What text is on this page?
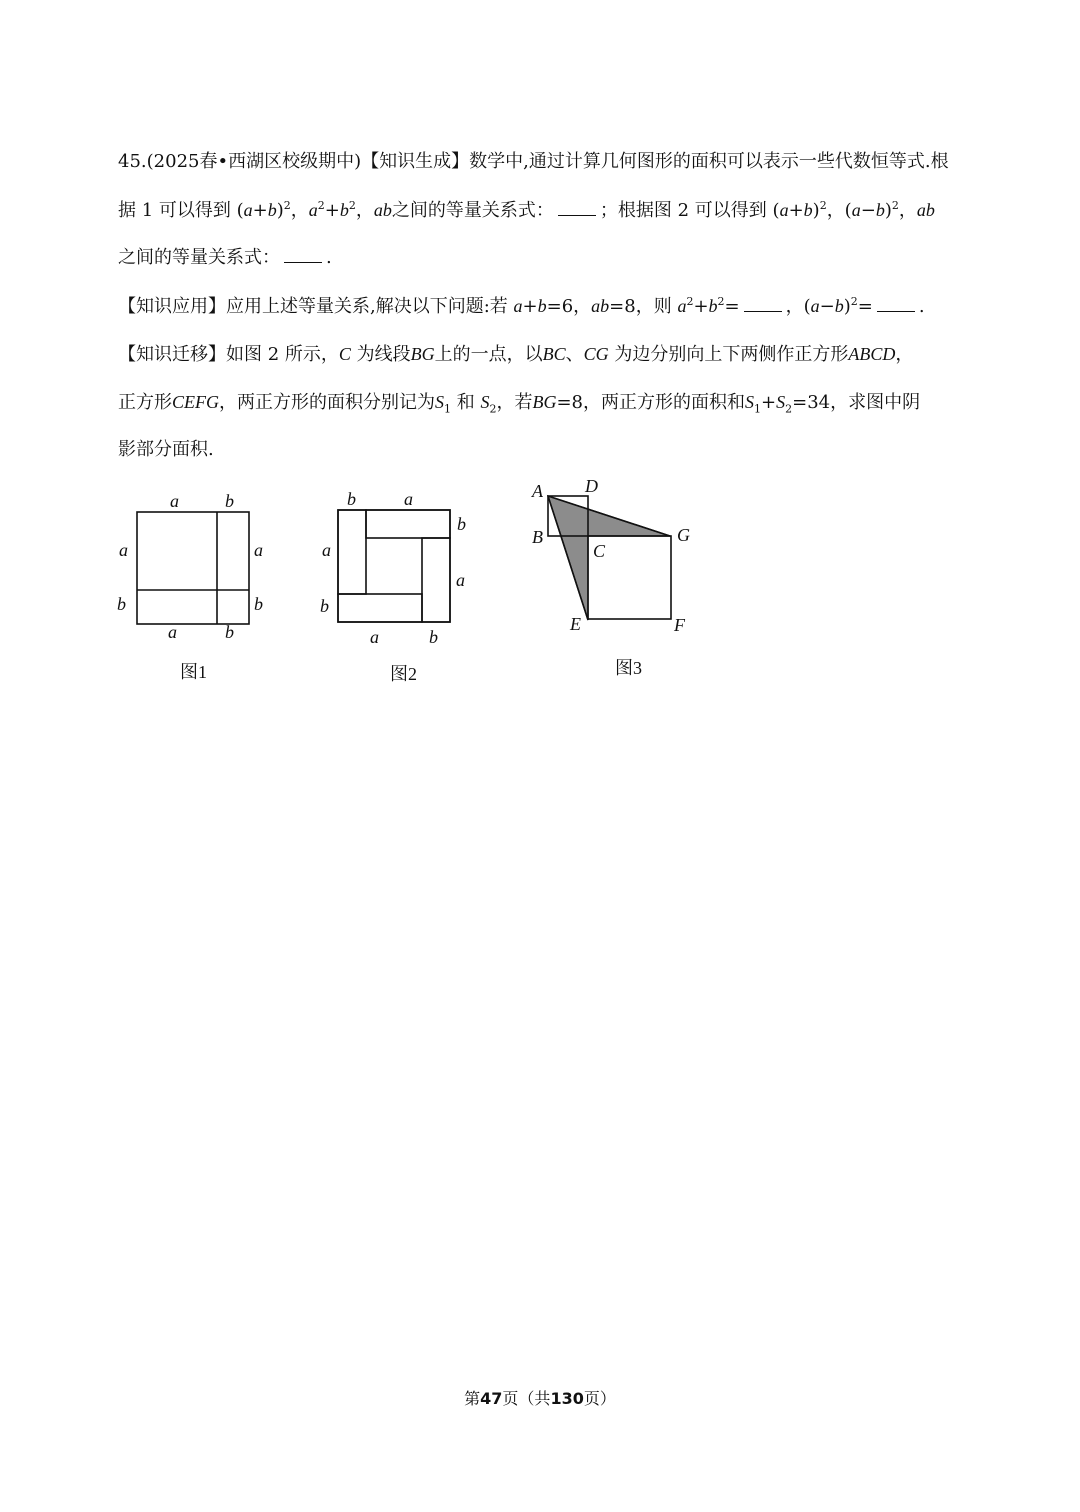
45.(2025春•西湖区校级期中)【知识生成】数学中,通过计算几何图形的面积可以表示一些代数恒等式.根
据 1 可以得到 $(a+b)^2$，$a^2+b^2$，ab之间的等量关系式：	；根据图 2 可以得到 $(a+b)^2$，$(a-b)^2$，ab
之间的等量关系式：	.
【知识应用】应用上述等量关系,解决以下问题:若 a+b=6，ab=8，则 $a^2+b^2=$	，$(a-b)^2=$	.
【知识迁移】如图 2 所示，C 为线段BG上的一点，以BC、CG 为边分别向上下两侧作正方形ABCD，
正方形CEFG，两正方形的面积分别记为$S_1$ 和 $S_2$，若BG=8，两正方形的面积和$S_1+S_2=34$，求图中阴
影部分面积.
a	b
a	a
b	b
a	b
图1
b	a
b
a
a
b
a	b
图2
A D
B
C
G
E	F
图3
第47页（共130页）
